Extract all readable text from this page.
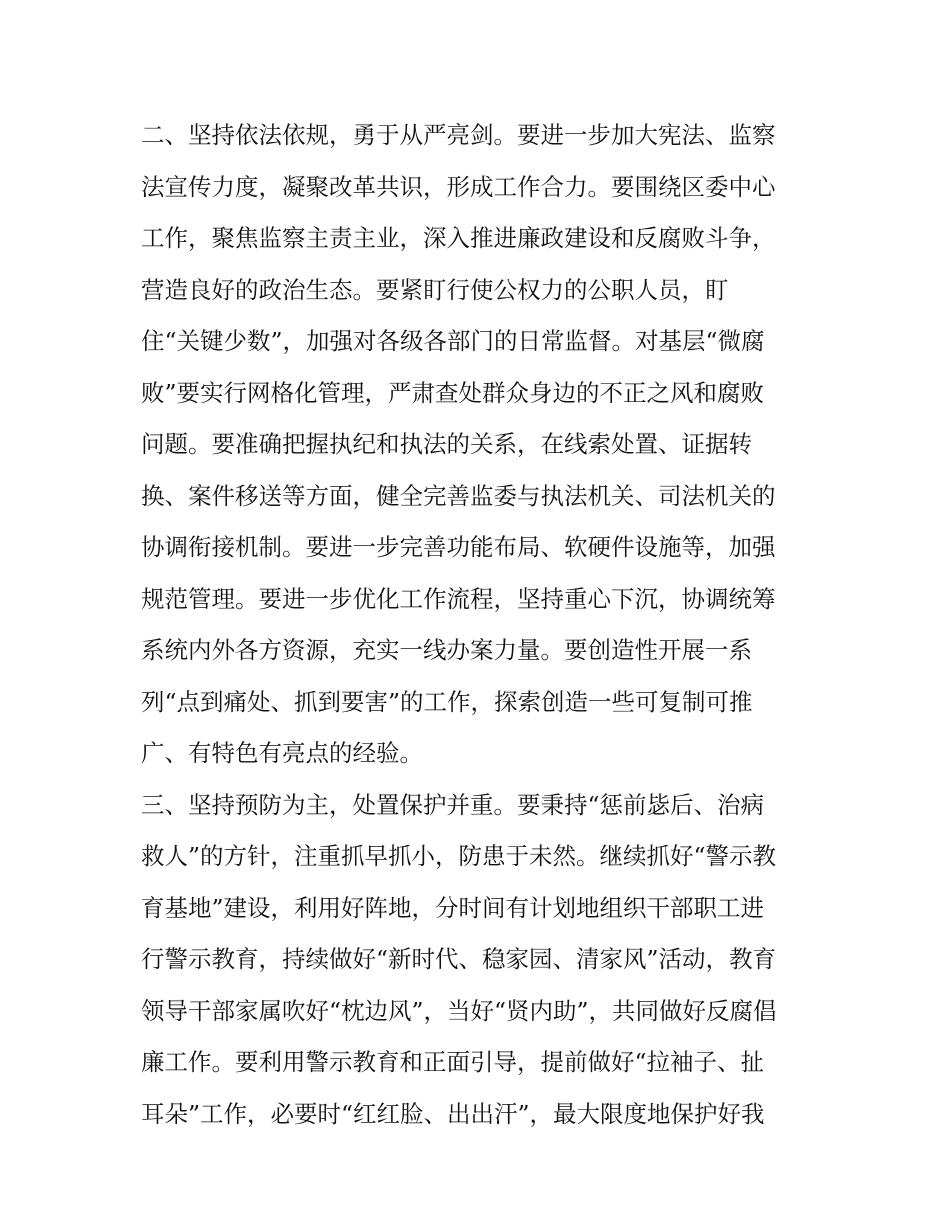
二、坚持依法依规，勇于从严亮剑。要进一步加大宪法、监察
法宣传力度，凝聚改革共识，形成工作合力。要围绕区委中心
工作，聚焦监察主责主业，深入推进廉政建设和反腐败斗争，
营造良好的政治生态。要紧盯行使公权力的公职人员，盯
住“关键少数”，加强对各级各部门的日常监督。对基层“微腐
败”要实行网格化管理，严肃查处群众身边的不正之风和腐败
问题。要准确把握执纪和执法的关系，在线索处置、证据转
换、案件移送等方面，健全完善监委与执法机关、司法机关的
协调衔接机制。要进一步完善功能布局、软硬件设施等，加强
规范管理。要进一步优化工作流程，坚持重心下沉，协调统筹
系统内外各方资源，充实一线办案力量。要创造性开展一系
列“点到痛处、抓到要害”的工作，探索创造一些可复制可推
广、有特色有亮点的经验。
三、坚持预防为主，处置保护并重。要秉持“惩前毖后、治病
救人”的方针，注重抓早抓小，防患于未然。继续抓好“警示教
育基地”建设，利用好阵地，分时间有计划地组织干部职工进
行警示教育，持续做好“新时代、稳家园、清家风”活动，教育
领导干部家属吹好“枕边风”，当好“贤内助”，共同做好反腐倡
廉工作。要利用警示教育和正面引导，提前做好“拉袖子、扯
耳朵”工作，必要时“红红脸、出出汗”，最大限度地保护好我
